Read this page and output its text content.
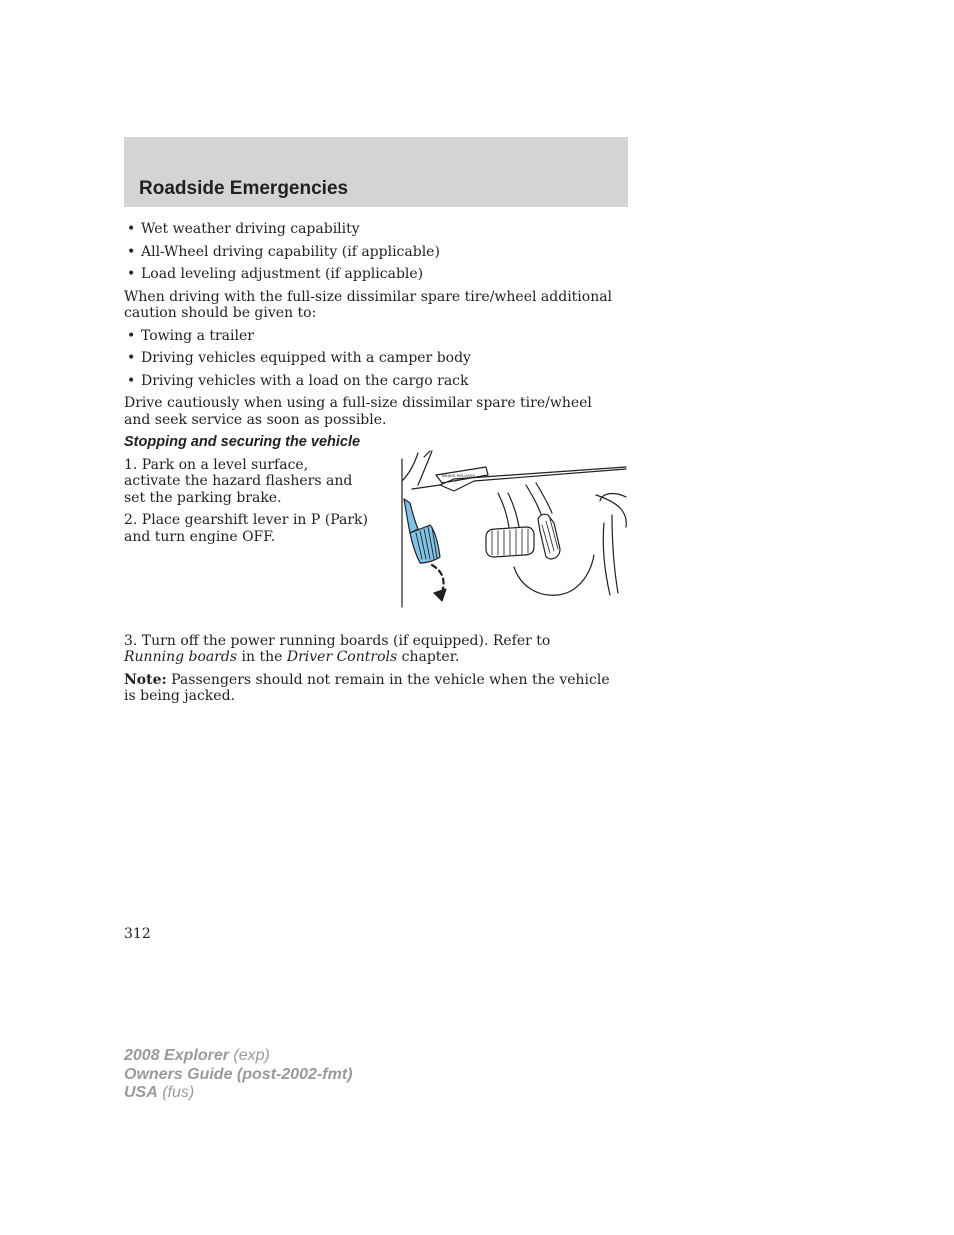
Roadside Emergencies
• Wet weather driving capability
• All-Wheel driving capability (if applicable)
• Load leveling adjustment (if applicable)

When driving with the full-size dissimilar spare tire/wheel additional caution should be given to:

• Towing a trailer
• Driving vehicles equipped with a camper body
• Driving vehicles with a load on the cargo rack

Drive cautiously when using a full-size dissimilar spare tire/wheel and seek service as soon as possible.

Stopping and securing the vehicle

1. Park on a level surface, activate the hazard flashers and set the parking brake.

2. Place gearshift lever in P (Park) and turn engine OFF.

BRAKE RELEASE

3. Turn off the power running boards (if equipped). Refer to Running boards in the Driver Controls chapter.

Note: Passengers should not remain in the vehicle when the vehicle is being jacked.

312
2008 Explorer (exp)
Owners Guide (post-2002-fmt)
USA (fus)
